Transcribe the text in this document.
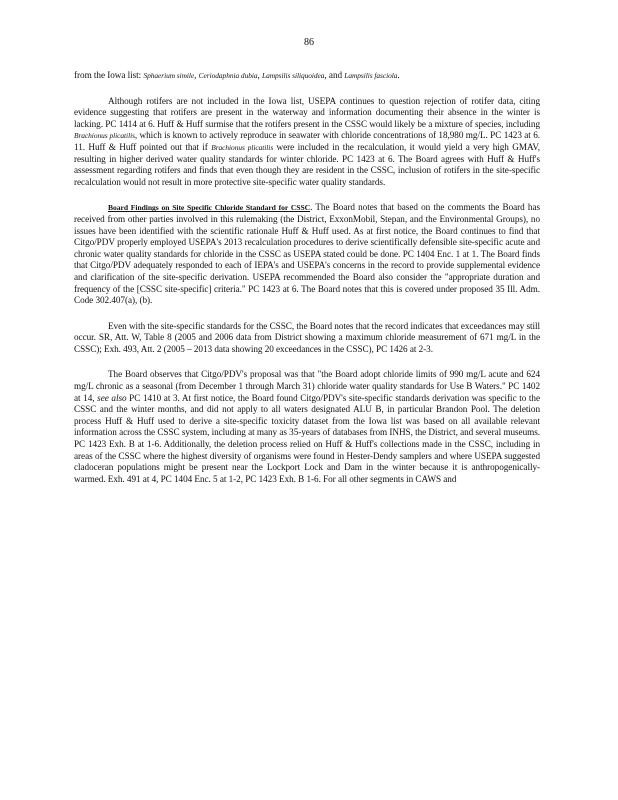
86

from the Iowa list: Sphaerium simile, Ceriodaphnia dubia, Lampsilis siliquoidea, and Lampsilis fasciola.

Although rotifers are not included in the Iowa list, USEPA continues to question rejection of rotifer data, citing evidence suggesting that rotifers are present in the waterway and information documenting their absence in the winter is lacking. PC 1414 at 6. Huff & Huff surmise that the rotifers present in the CSSC would likely be a mixture of species, including Brachionus plicatilis, which is known to actively reproduce in seawater with chloride concentrations of 18,980 mg/L. PC 1423 at 6. 11. Huff & Huff pointed out that if Brachionus plicatilis were included in the recalculation, it would yield a very high GMAV, resulting in higher derived water quality standards for winter chloride. PC 1423 at 6. The Board agrees with Huff & Huff's assessment regarding rotifers and finds that even though they are resident in the CSSC, inclusion of rotifers in the site-specific recalculation would not result in more protective site-specific water quality standards.

Board Findings on Site Specific Chloride Standard for CSSC. The Board notes that based on the comments the Board has received from other parties involved in this rulemaking (the District, ExxonMobil, Stepan, and the Environmental Groups), no issues have been identified with the scientific rationale Huff & Huff used. As at first notice, the Board continues to find that Citgo/PDV properly employed USEPA's 2013 recalculation procedures to derive scientifically defensible site-specific acute and chronic water quality standards for chloride in the CSSC as USEPA stated could be done. PC 1404 Enc. 1 at 1. The Board finds that Citgo/PDV adequately responded to each of IEPA's and USEPA's concerns in the record to provide supplemental evidence and clarification of the site-specific derivation. USEPA recommended the Board also consider the "appropriate duration and frequency of the [CSSC site-specific] criteria." PC 1423 at 6. The Board notes that this is covered under proposed 35 Ill. Adm. Code 302.407(a), (b).

Even with the site-specific standards for the CSSC, the Board notes that the record indicates that exceedances may still occur. SR, Att. W, Table 8 (2005 and 2006 data from District showing a maximum chloride measurement of 671 mg/L in the CSSC); Exh. 493, Att. 2 (2005 – 2013 data showing 20 exceedances in the CSSC), PC 1426 at 2-3.

The Board observes that Citgo/PDV's proposal was that "the Board adopt chloride limits of 990 mg/L acute and 624 mg/L chronic as a seasonal (from December 1 through March 31) chloride water quality standards for Use B Waters." PC 1402 at 14, see also PC 1410 at 3. At first notice, the Board found Citgo/PDV's site-specific standards derivation was specific to the CSSC and the winter months, and did not apply to all waters designated ALU B, in particular Brandon Pool. The deletion process Huff & Huff used to derive a site-specific toxicity dataset from the Iowa list was based on all available relevant information across the CSSC system, including at many as 35-years of databases from INHS, the District, and several museums. PC 1423 Exh. B at 1-6. Additionally, the deletion process relied on Huff & Huff's collections made in the CSSC, including in areas of the CSSC where the highest diversity of organisms were found in Hester-Dendy samplers and where USEPA suggested cladoceran populations might be present near the Lockport Lock and Dam in the winter because it is anthropogenically-warmed. Exh. 491 at 4, PC 1404 Enc. 5 at 1-2, PC 1423 Exh. B 1-6. For all other segments in CAWS and
